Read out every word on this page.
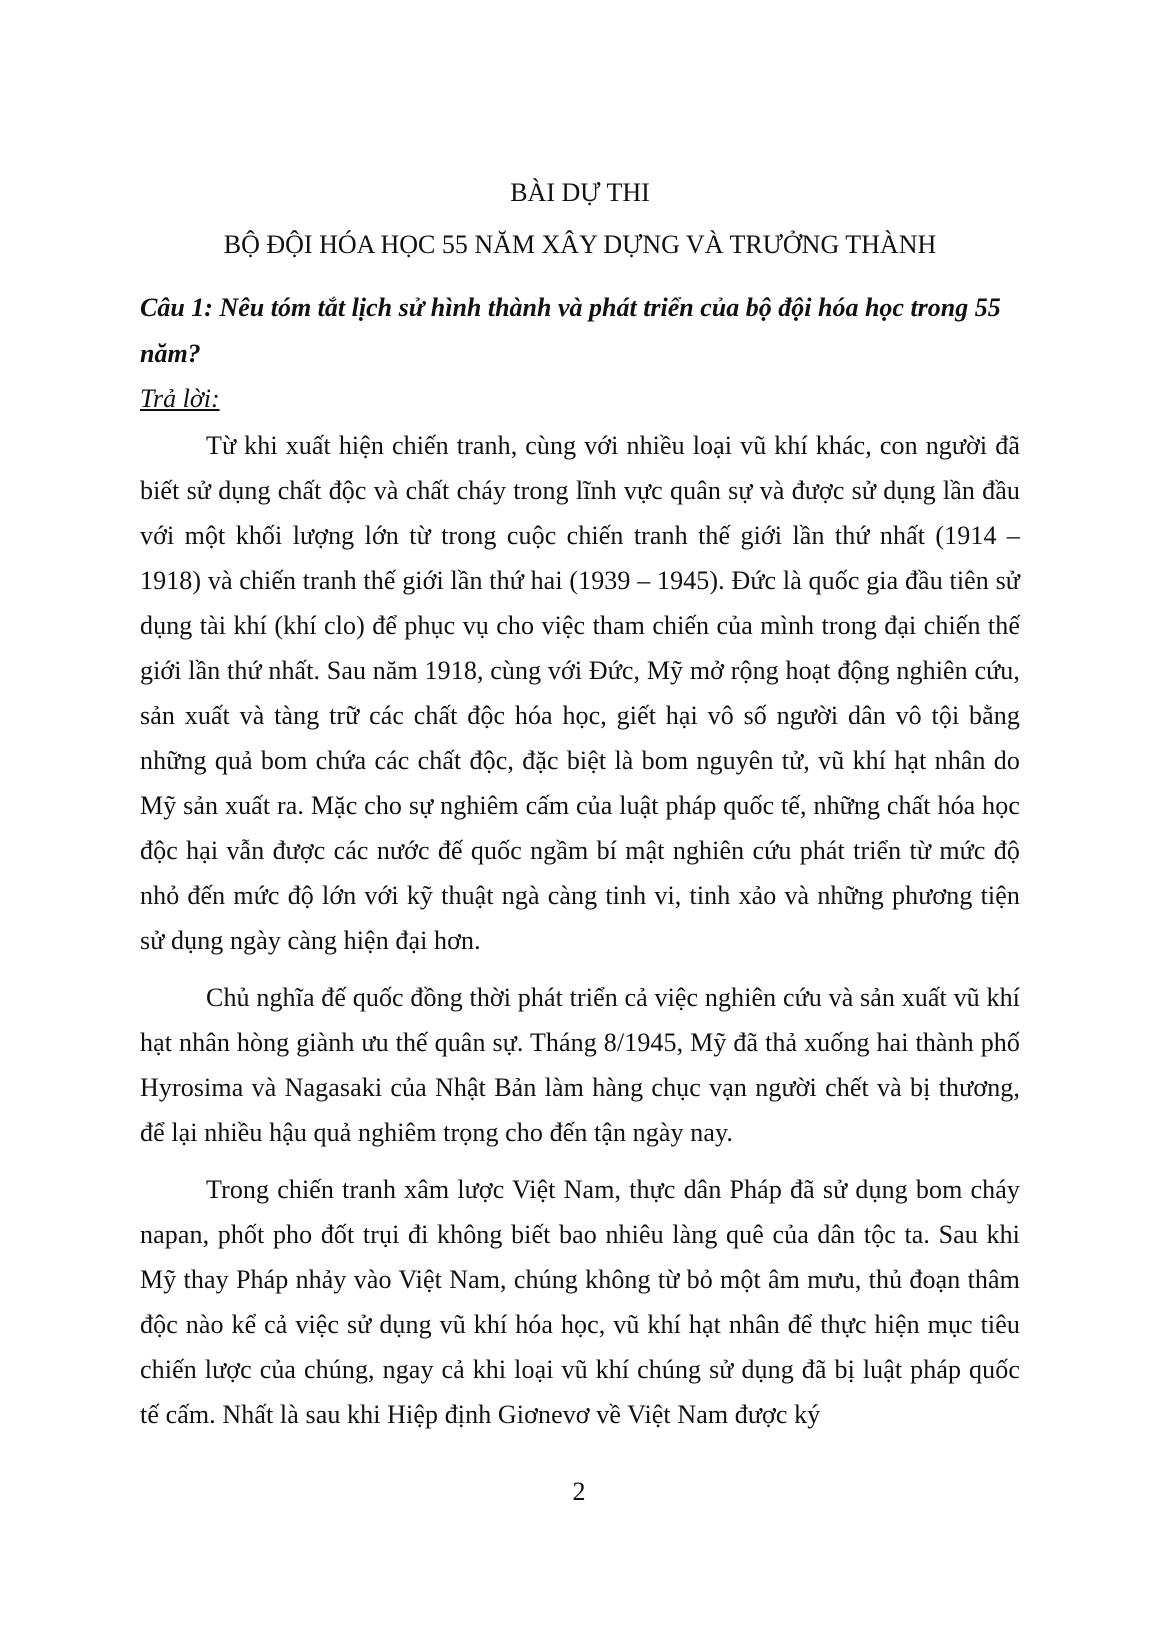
BÀI DỰ THI

BỘ ĐỘI HÓA HỌC 55 NĂM XÂY DỰNG VÀ TRƯỞNG THÀNH

Câu 1: Nêu tóm tắt lịch sử hình thành và phát triển của bộ đội hóa học trong 55 năm?

Trả lời:

Từ khi xuất hiện chiến tranh, cùng với nhiều loại vũ khí khác, con người đã biết sử dụng chất độc và chất cháy trong lĩnh vực quân sự và được sử dụng lần đầu với một khối lượng lớn từ trong cuộc chiến tranh thế giới lần thứ nhất (1914 – 1918) và chiến tranh thế giới lần thứ hai (1939 – 1945). Đức là quốc gia đầu tiên sử dụng tài khí (khí clo) để phục vụ cho việc tham chiến của mình trong đại chiến thế giới lần thứ nhất. Sau năm 1918, cùng với Đức, Mỹ mở rộng hoạt động nghiên cứu, sản xuất và tàng trữ các chất độc hóa học, giết hại vô số người dân vô tội bằng những quả bom chứa các chất độc, đặc biệt là bom nguyên tử, vũ khí hạt nhân do Mỹ sản xuất ra. Mặc cho sự nghiêm cấm của luật pháp quốc tế, những chất hóa học độc hại vẫn được các nước đế quốc ngầm bí mật nghiên cứu phát triển từ mức độ nhỏ đến mức độ lớn với kỹ thuật ngà càng tinh vi, tinh xảo và những phương tiện sử dụng ngày càng hiện đại hơn.

Chủ nghĩa đế quốc đồng thời phát triển cả việc nghiên cứu và sản xuất vũ khí hạt nhân hòng giành ưu thế quân sự. Tháng 8/1945, Mỹ đã thả xuống hai thành phố Hyrosima và Nagasaki của Nhật Bản làm hàng chục vạn người chết và bị thương, để lại nhiều hậu quả nghiêm trọng cho đến tận ngày nay.

Trong chiến tranh xâm lược Việt Nam, thực dân Pháp đã sử dụng bom cháy napan, phốt pho đốt trụi đi không biết bao nhiêu làng quê của dân tộc ta. Sau khi Mỹ thay Pháp nhảy vào Việt Nam, chúng không từ bỏ một âm mưu, thủ đoạn thâm độc nào kể cả việc sử dụng vũ khí hóa học, vũ khí hạt nhân để thực hiện mục tiêu chiến lược của chúng, ngay cả khi loại vũ khí chúng sử dụng đã bị luật pháp quốc tế cấm. Nhất là sau khi Hiệp định Giơnevơ về Việt Nam được ký

2
